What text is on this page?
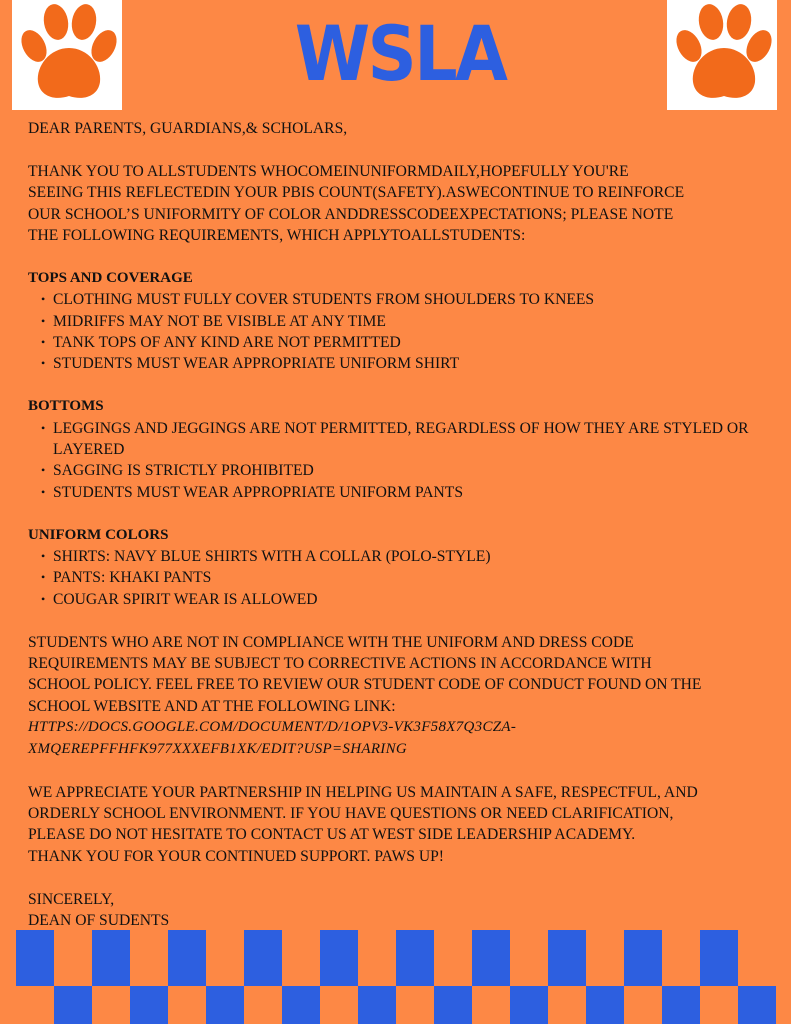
WSLA

DEAR PARENTS, GUARDIANS,& SCHOLARS,

THANK YOU TO ALLSTUDENTS WHOCOMEINUNIFORMDAILY,HOPEFULLY YOU'RE

SEEING THIS REFLECTEDIN YOUR PBIS COUNT(SAFETY).ASWECONTINUE TO REINFORCE

OUR SCHOOL’S UNIFORMITY OF COLOR ANDDRESSCODEEXPECTATIONS; PLEASE NOTE

THE FOLLOWING REQUIREMENTS, WHICH APPLYTOALLSTUDENTS:

TOPS AND COVERAGE

• CLOTHING MUST FULLY COVER STUDENTS FROM SHOULDERS TO KNEES
• MIDRIFFS MAY NOT BE VISIBLE AT ANY TIME
• TANK TOPS OF ANY KIND ARE NOT PERMITTED
• STUDENTS MUST WEAR APPROPRIATE UNIFORM SHIRT

BOTTOMS

• LEGGINGS AND JEGGINGS ARE NOT PERMITTED, REGARDLESS OF HOW THEY ARE STYLED OR LAYERED
• SAGGING IS STRICTLY PROHIBITED
• STUDENTS MUST WEAR APPROPRIATE UNIFORM PANTS

UNIFORM COLORS

• SHIRTS: NAVY BLUE SHIRTS WITH A COLLAR (POLO-STYLE)
• PANTS: KHAKI PANTS
• COUGAR SPIRIT WEAR IS ALLOWED

STUDENTS WHO ARE NOT IN COMPLIANCE WITH THE UNIFORM AND DRESS CODE

REQUIREMENTS MAY BE SUBJECT TO CORRECTIVE ACTIONS IN ACCORDANCE WITH

SCHOOL POLICY. FEEL FREE TO REVIEW OUR STUDENT CODE OF CONDUCT FOUND ON THE

SCHOOL WEBSITE AND AT THE FOLLOWING LINK:

HTTPS://DOCS.GOOGLE.COM/DOCUMENT/D/1OPV3-VK3F58X7Q3CZA-

XMQEREPFFHFK977XXXEFB1XK/EDIT?USP=SHARING

WE APPRECIATE YOUR PARTNERSHIP IN HELPING US MAINTAIN A SAFE, RESPECTFUL, AND

ORDERLY SCHOOL ENVIRONMENT. IF YOU HAVE QUESTIONS OR NEED CLARIFICATION,

PLEASE DO NOT HESITATE TO CONTACT US AT WEST SIDE LEADERSHIP ACADEMY.

THANK YOU FOR YOUR CONTINUED SUPPORT. PAWS UP!

SINCERELY,

DEAN OF SUDENTS
